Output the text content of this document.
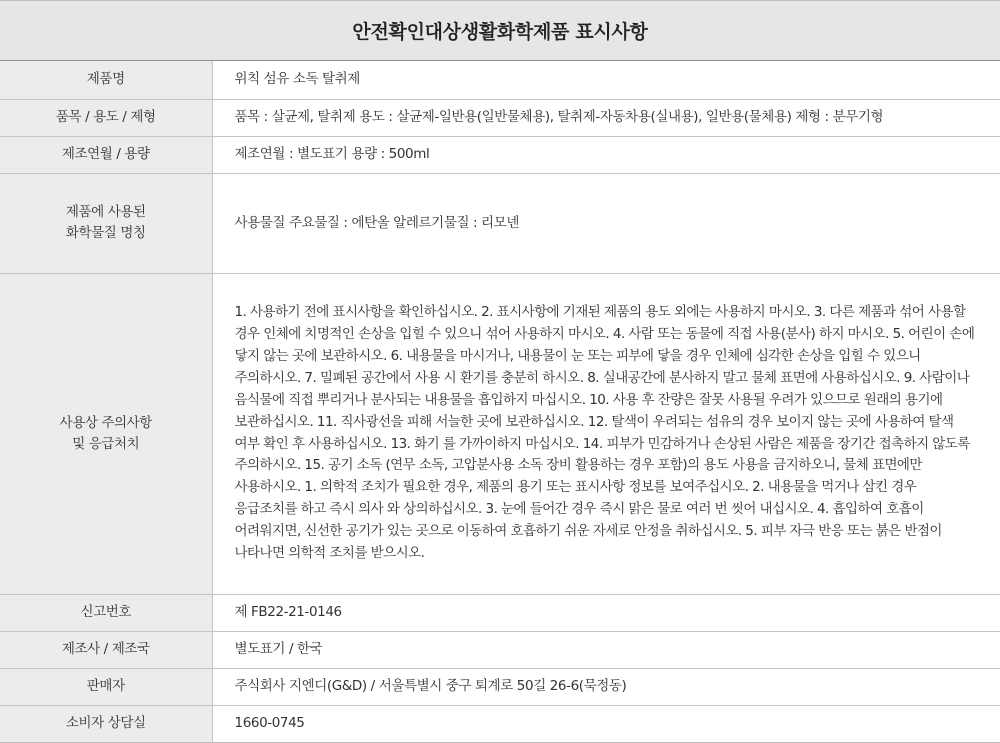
안전확인대상생활화학제품 표시사항
제품명	위칙 섬유 소독 탈취제
품목 / 용도 / 제형	품목 : 살균제, 탈취제 용도 : 살균제-일반용(일반물체용), 탈취제-자동차용(실내용), 일반용(물체용) 제형 : 분무기형
제조연월 / 용량	제조연월 : 별도표기 용량 : 500ml
제품에 사용된
화학물질 명칭	사용물질 주요물질 : 에탄올 알레르기물질 : 리모넨
사용상 주의사항
및 응급처치	1. 사용하기 전에 표시사항을 확인하십시오. 2. 표시사항에 기재된 제품의 용도 외에는 사용하지 마시오. 3. 다른 제품과 섞어 사용할 경우 인체에 치명적인 손상을 입힐 수 있으니 섞어 사용하지 마시오. 4. 사람 또는 동물에 직접 사용(분사) 하지 마시오. 5. 어린이 손에 닿지 않는 곳에 보관하시오. 6. 내용물을 마시거나, 내용물이 눈 또는 피부에 닿을 경우 인체에 심각한 손상을 입힐 수 있으니 주의하시오. 7. 밀폐된 공간에서 사용 시 환기를 충분히 하시오. 8. 실내공간에 분사하지 말고 물체 표면에 사용하십시오. 9. 사람이나 음식물에 직접 뿌리거나 분사되는 내용물을 흡입하지 마십시오. 10. 사용 후 잔량은 잘못 사용될 우려가 있으므로 원래의 용기에 보관하십시오. 11. 직사광선을 피해 서늘한 곳에 보관하십시오. 12. 탈색이 우려되는 섬유의 경우 보이지 않는 곳에 사용하여 탈색 여부 확인 후 사용하십시오. 13. 화기 를 가까이하지 마십시오. 14. 피부가 민감하거나 손상된 사람은 제품을 장기간 접촉하지 않도록 주의하시오. 15. 공기 소독 (연무 소독, 고압분사용 소독 장비 활용하는 경우 포함)의 용도 사용을 금지하오니, 물체 표면에만 사용하시오. 1. 의학적 조치가 필요한 경우, 제품의 용기 또는 표시사항 정보를 보여주십시오. 2. 내용물을 먹거나 삼킨 경우 응급조치를 하고 즉시 의사 와 상의하십시오. 3. 눈에 들어간 경우 즉시 맑은 물로 여러 번 씻어 내십시오. 4. 흡입하여 호흡이 어려워지면, 신선한 공기가 있는 곳으로 이동하여 호흡하기 쉬운 자세로 안정을 취하십시오. 5. 피부 자극 반응 또는 붉은 반점이 나타나면 의학적 조치를 받으시오.
신고번호	제 FB22-21-0146
제조사 / 제조국	별도표기 / 한국
판매자	주식회사 지엔디(G&D) / 서울특별시 중구 퇴계로 50길 26-6(묵정동)
소비자 상담실	1660-0745
